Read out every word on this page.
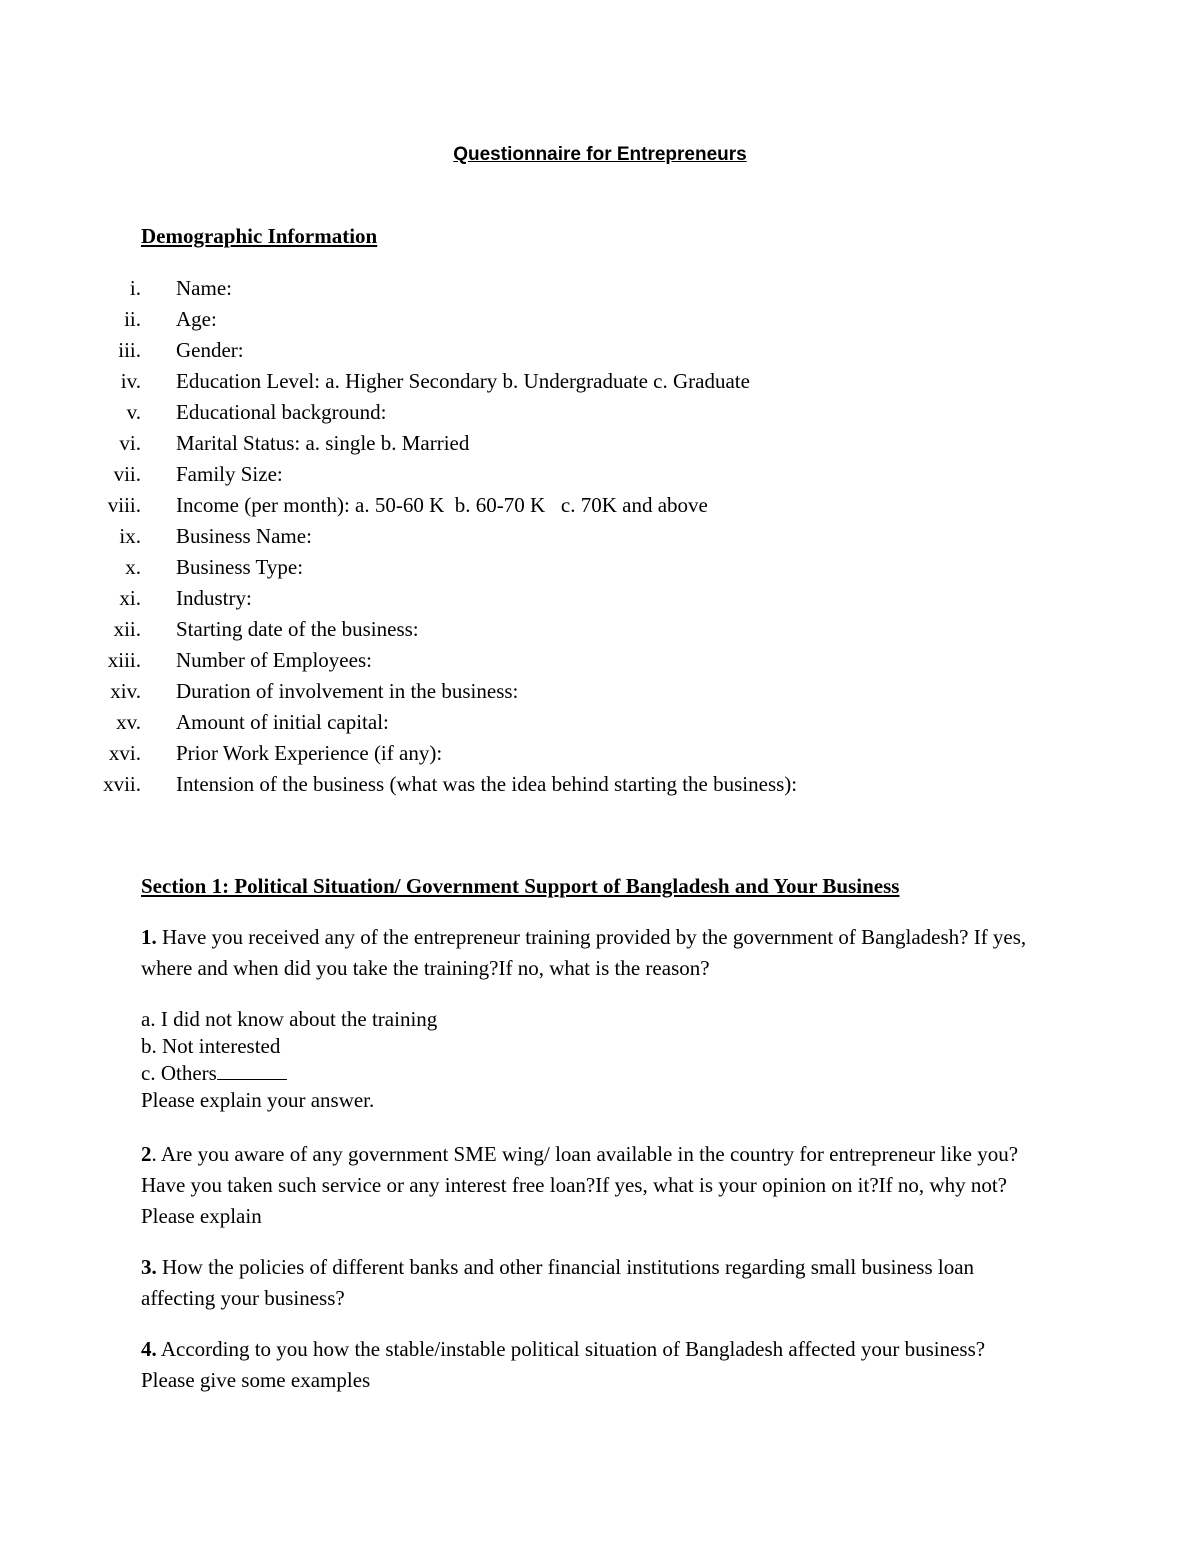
Questionnaire for Entrepreneurs
Demographic Information
i.	Name:
ii.	Age:
iii.	Gender:
iv.	Education Level: a. Higher Secondary b. Undergraduate c. Graduate
v.	Educational background:
vi.	Marital Status: a. single b. Married
vii.	Family Size:
viii.	Income (per month): a. 50-60 K  b. 60-70 K   c. 70K and above
ix.	Business Name:
x.	Business Type:
xi.	Industry:
xii.	Starting date of the business:
xiii.	Number of Employees:
xiv.	Duration of involvement in the business:
xv.	Amount of initial capital:
xvi.	Prior Work Experience (if any):
xvii.	Intension of the business (what was the idea behind starting the business):
Section 1: Political Situation/ Government Support of Bangladesh and Your Business

1. Have you received any of the entrepreneur training provided by the government of Bangladesh? If yes, where and when did you take the training?If no, what is the reason?

a. I did not know about the training
b. Not interested
c. Others

Please explain your answer.

2. Are you aware of any government SME wing/ loan available in the country for entrepreneur like you? Have you taken such service or any interest free loan?If yes, what is your opinion on it?If no, why not? Please explain

3. How the policies of different banks and other financial institutions regarding small business loan affecting your business?

4. According to you how the stable/instable political situation of Bangladesh affected your business? Please give some examples
